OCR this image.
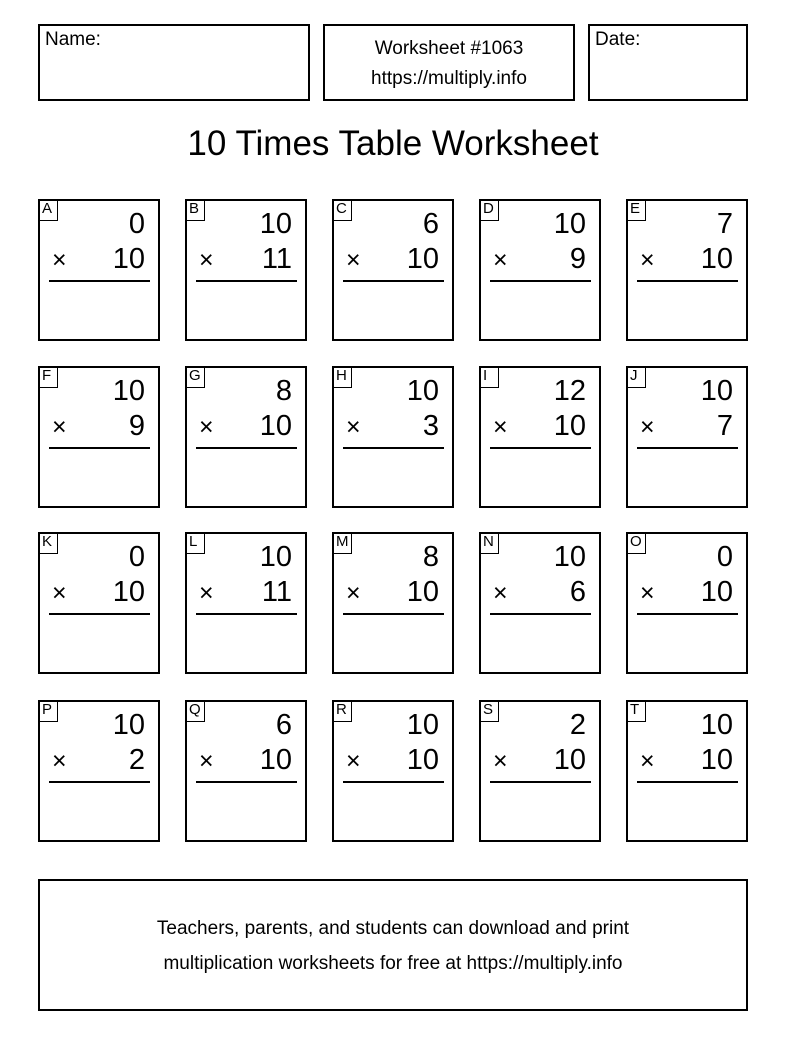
Name:	Worksheet #1063
https://multiply.info
Date:
10 Times Table Worksheet
A	0
× 10
B 10
× 11
C	6
× 10
D 10
× 9
E	7
× 10
F 10
× 9
G	8
× 10
H 10
× 3
I	12
× 10
J 10
× 7
K	0
× 10
L 10
× 11
M	8
× 10
N 10
× 6
O	0
× 10
P 10
× 2
Q	6
× 10
R 10
× 10
S	2
× 10
T 10
× 10
Teachers, parents, and students can download and print
multiplication worksheets for free at https://multiply.info
